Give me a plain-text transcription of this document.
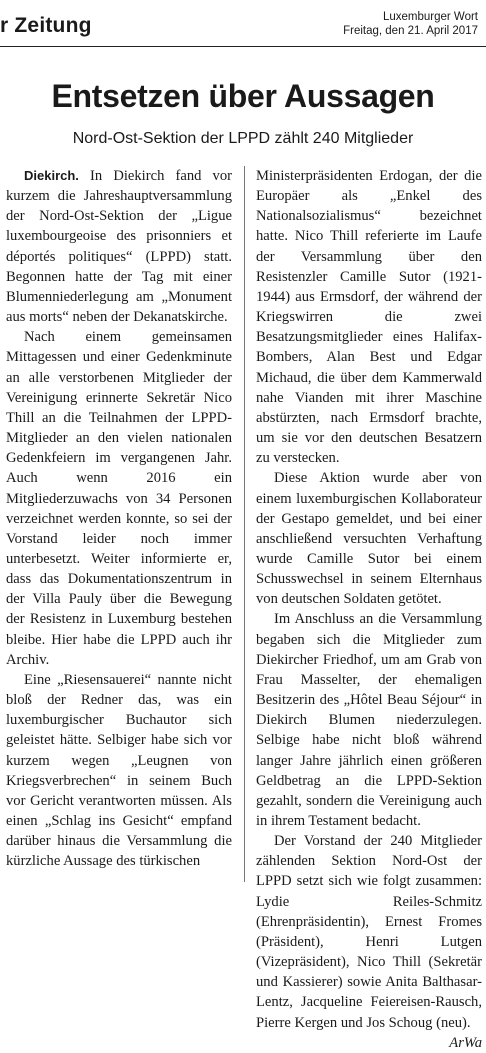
r Zeitung	Luxemburger Wort
Freitag, den 21. April 2017
Entsetzen über Aussagen
Nord-Ost-Sektion der LPPD zählt 240 Mitglieder

Diekirch. In Diekirch fand vor kurzem die Jahreshauptversammlung der Nord-Ost-Sektion der „Ligue luxembourgeoise des prisonniers et déportés politiques“ (LPPD) statt. Begonnen hatte der Tag mit einer Blumenniederlegung am „Monument aus morts“ neben der Dekanatskirche.

Nach einem gemeinsamen Mittagessen und einer Gedenkminute an alle verstorbenen Mitglieder der Vereinigung erinnerte Sekretär Nico Thill an die Teilnahmen der LPPD-Mitglieder an den vielen nationalen Gedenkfeiern im vergangenen Jahr. Auch wenn 2016 ein Mitgliederzuwachs von 34 Personen verzeichnet werden konnte, so sei der Vorstand leider noch immer unterbesetzt. Weiter informierte er, dass das Dokumentationszentrum in der Villa Pauly über die Bewegung der Resistenz in Luxemburg bestehen bleibe. Hier habe die LPPD auch ihr Archiv.

Eine „Riesensauerei“ nannte nicht bloß der Redner das, was ein luxemburgischer Buchautor sich geleistet hätte. Selbiger habe sich vor kurzem wegen „Leugnen von Kriegsverbrechen“ in seinem Buch vor Gericht verantworten müssen. Als einen „Schlag ins Gesicht“ empfand darüber hinaus die Versammlung die kürzliche Aussage des türkischen

Ministerpräsidenten Erdogan, der die Europäer als „Enkel des Nationalsozialismus“ bezeichnet hatte. Nico Thill referierte im Laufe der Versammlung über den Resistenzler Camille Sutor (1921-1944) aus Ermsdorf, der während der Kriegswirren die zwei Besatzungsmitglieder eines Halifax-Bombers, Alan Best und Edgar Michaud, die über dem Kammerwald nahe Vianden mit ihrer Maschine abstürzten, nach Ermsdorf brachte, um sie vor den deutschen Besatzern zu verstecken.

Diese Aktion wurde aber von einem luxemburgischen Kollaborateur der Gestapo gemeldet, und bei einer anschließend versuchten Verhaftung wurde Camille Sutor bei einem Schusswechsel in seinem Elternhaus von deutschen Soldaten getötet.

Im Anschluss an die Versammlung begaben sich die Mitglieder zum Diekircher Friedhof, um am Grab von Frau Masselter, der ehemaligen Besitzerin des „Hôtel Beau Séjour“ in Diekirch Blumen niederzulegen. Selbige habe nicht bloß während langer Jahre jährlich einen größeren Geldbetrag an die LPPD-Sektion gezahlt, sondern die Vereinigung auch in ihrem Testament bedacht.

Der Vorstand der 240 Mitglieder zählenden Sektion Nord-Ost der LPPD setzt sich wie folgt zusammen: Lydie Reiles-Schmitz (Ehrenpräsidentin), Ernest Fromes (Präsident), Henri Lutgen (Vizepräsident), Nico Thill (Sekretär und Kassierer) sowie Anita Balthasar-Lentz, Jacqueline Feiereisen-Rausch, Pierre Kergen und Jos Schoug (neu).
ArWa
